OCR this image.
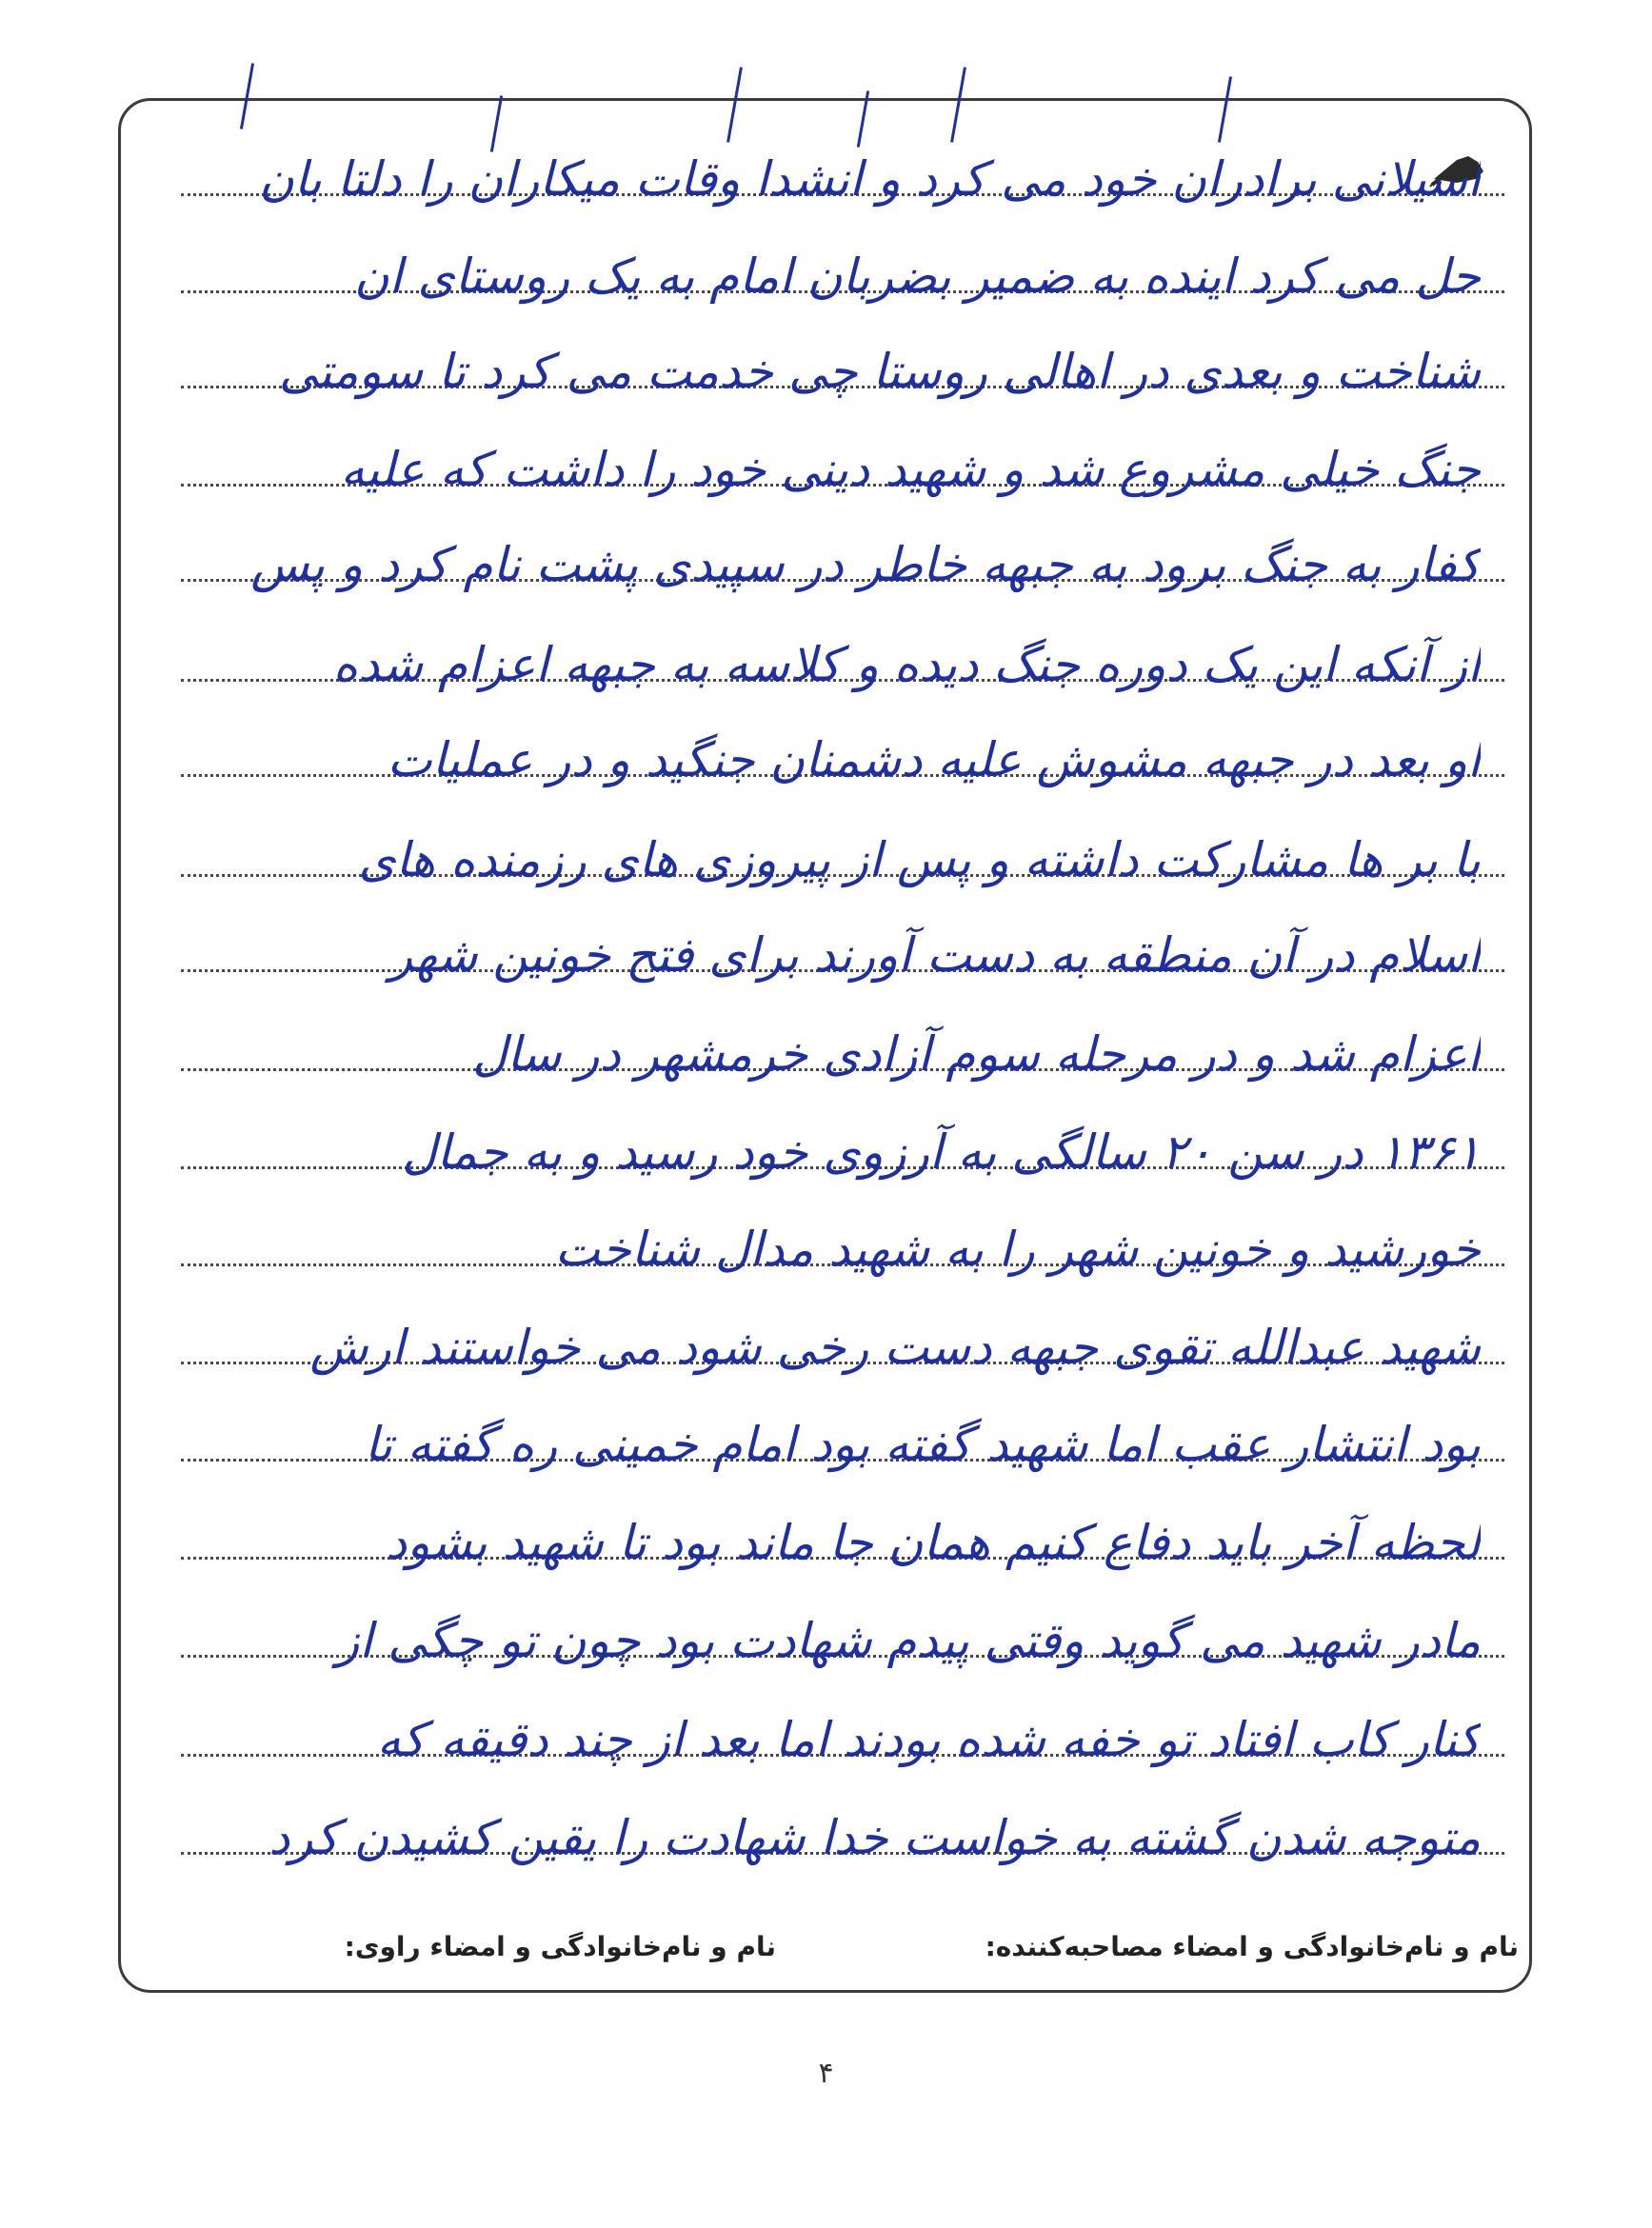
اسیلانی برادران خود می کرد و انشدا وقات میکاران را دلتا بان
حل می کرد اینده به ضمیر بضربان امام به یک روستای ان
شناخت و بعدی در اهالی روستا چی خدمت می کرد تا سومتی
جنگ خیلی مشروع شد و شهید دینی خود را داشت که علیه
کفار به جنگ برود به جبهه خاطر در سپیدی پشت نام کرد و پس
از آنکه این یک دوره جنگ دیده و کلاسه به جبهه اعزام شده
او بعد در جبهه مشوش علیه دشمنان جنگید و در عملیات
با بر ها مشارکت داشته و پس از پیروزی های رزمنده های
اسلام در آن منطقه به دست آورند برای فتح خونین شهر
اعزام شد و در مرحله سوم آزادی خرمشهر در سال
۱۳۶۱ در سن ۲۰ سالگی به آرزوی خود رسید و به جمال
خورشید و خونین شهر را به شهید مدال شناخت
شهید عبدالله تقوی جبهه دست رخی شود می خواستند ارش
بود انتشار عقب اما شهید گفته بود امام خمینی ره گفته تا
لحظه آخر باید دفاع کنیم همان جا ماند بود تا شهید بشود
مادر شهید می گوید وقتی پیدم شهادت بود چون تو چگی از
کنار کاب افتاد تو خفه شده بودند اما بعد از چند دقیقه که
متوجه شدن گشته به خواست خدا شهادت را یقین کشیدن کرد
نام و نام‌خانوادگی و امضاء مصاحبه‌کننده:
نام و نام‌خانوادگی و امضاء راوی:
۴
